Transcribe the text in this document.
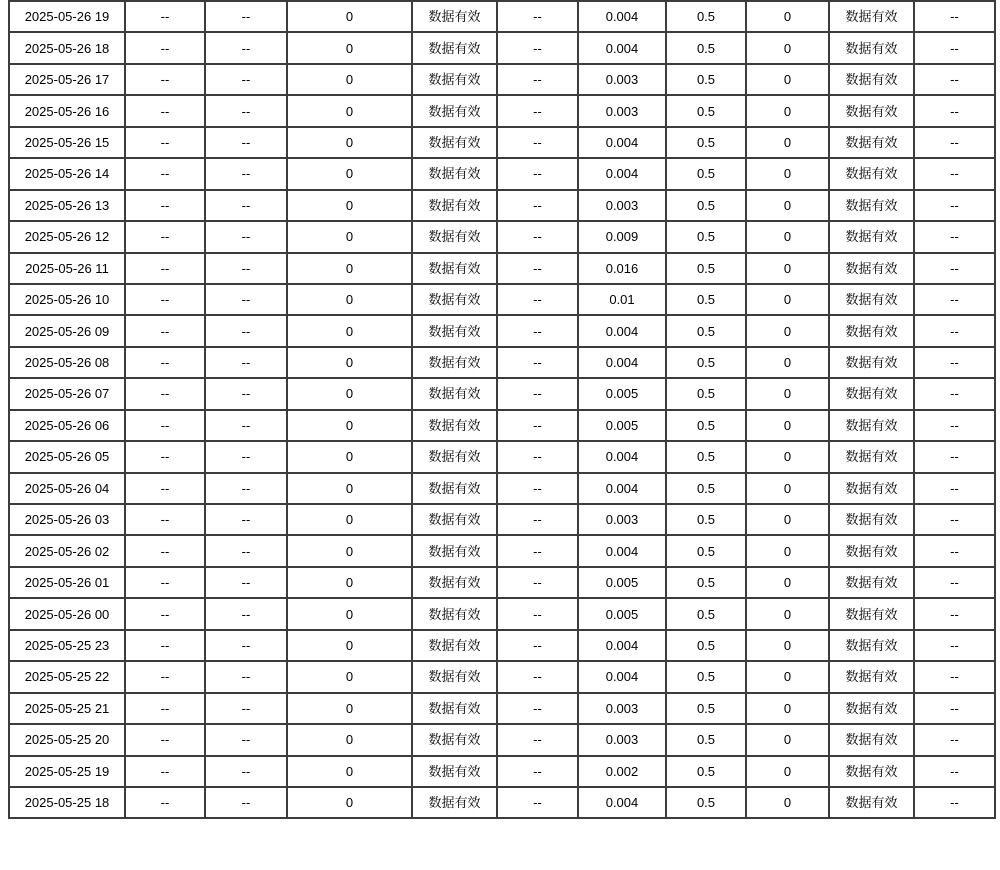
2025-05-26 19	--	--	0	数据有效	--	0.004	0.5	0	数据有效	--
2025-05-26 18	--	--	0	数据有效	--	0.004	0.5	0	数据有效	--
2025-05-26 17	--	--	0	数据有效	--	0.003	0.5	0	数据有效	--
2025-05-26 16	--	--	0	数据有效	--	0.003	0.5	0	数据有效	--
2025-05-26 15	--	--	0	数据有效	--	0.004	0.5	0	数据有效	--
2025-05-26 14	--	--	0	数据有效	--	0.004	0.5	0	数据有效	--
2025-05-26 13	--	--	0	数据有效	--	0.003	0.5	0	数据有效	--
2025-05-26 12	--	--	0	数据有效	--	0.009	0.5	0	数据有效	--
2025-05-26 11	--	--	0	数据有效	--	0.016	0.5	0	数据有效	--
2025-05-26 10	--	--	0	数据有效	--	0.01	0.5	0	数据有效	--
2025-05-26 09	--	--	0	数据有效	--	0.004	0.5	0	数据有效	--
2025-05-26 08	--	--	0	数据有效	--	0.004	0.5	0	数据有效	--
2025-05-26 07	--	--	0	数据有效	--	0.005	0.5	0	数据有效	--
2025-05-26 06	--	--	0	数据有效	--	0.005	0.5	0	数据有效	--
2025-05-26 05	--	--	0	数据有效	--	0.004	0.5	0	数据有效	--
2025-05-26 04	--	--	0	数据有效	--	0.004	0.5	0	数据有效	--
2025-05-26 03	--	--	0	数据有效	--	0.003	0.5	0	数据有效	--
2025-05-26 02	--	--	0	数据有效	--	0.004	0.5	0	数据有效	--
2025-05-26 01	--	--	0	数据有效	--	0.005	0.5	0	数据有效	--
2025-05-26 00	--	--	0	数据有效	--	0.005	0.5	0	数据有效	--
2025-05-25 23	--	--	0	数据有效	--	0.004	0.5	0	数据有效	--
2025-05-25 22	--	--	0	数据有效	--	0.004	0.5	0	数据有效	--
2025-05-25 21	--	--	0	数据有效	--	0.003	0.5	0	数据有效	--
2025-05-25 20	--	--	0	数据有效	--	0.003	0.5	0	数据有效	--
2025-05-25 19	--	--	0	数据有效	--	0.002	0.5	0	数据有效	--
2025-05-25 18	--	--	0	数据有效	--	0.004	0.5	0	数据有效	--
